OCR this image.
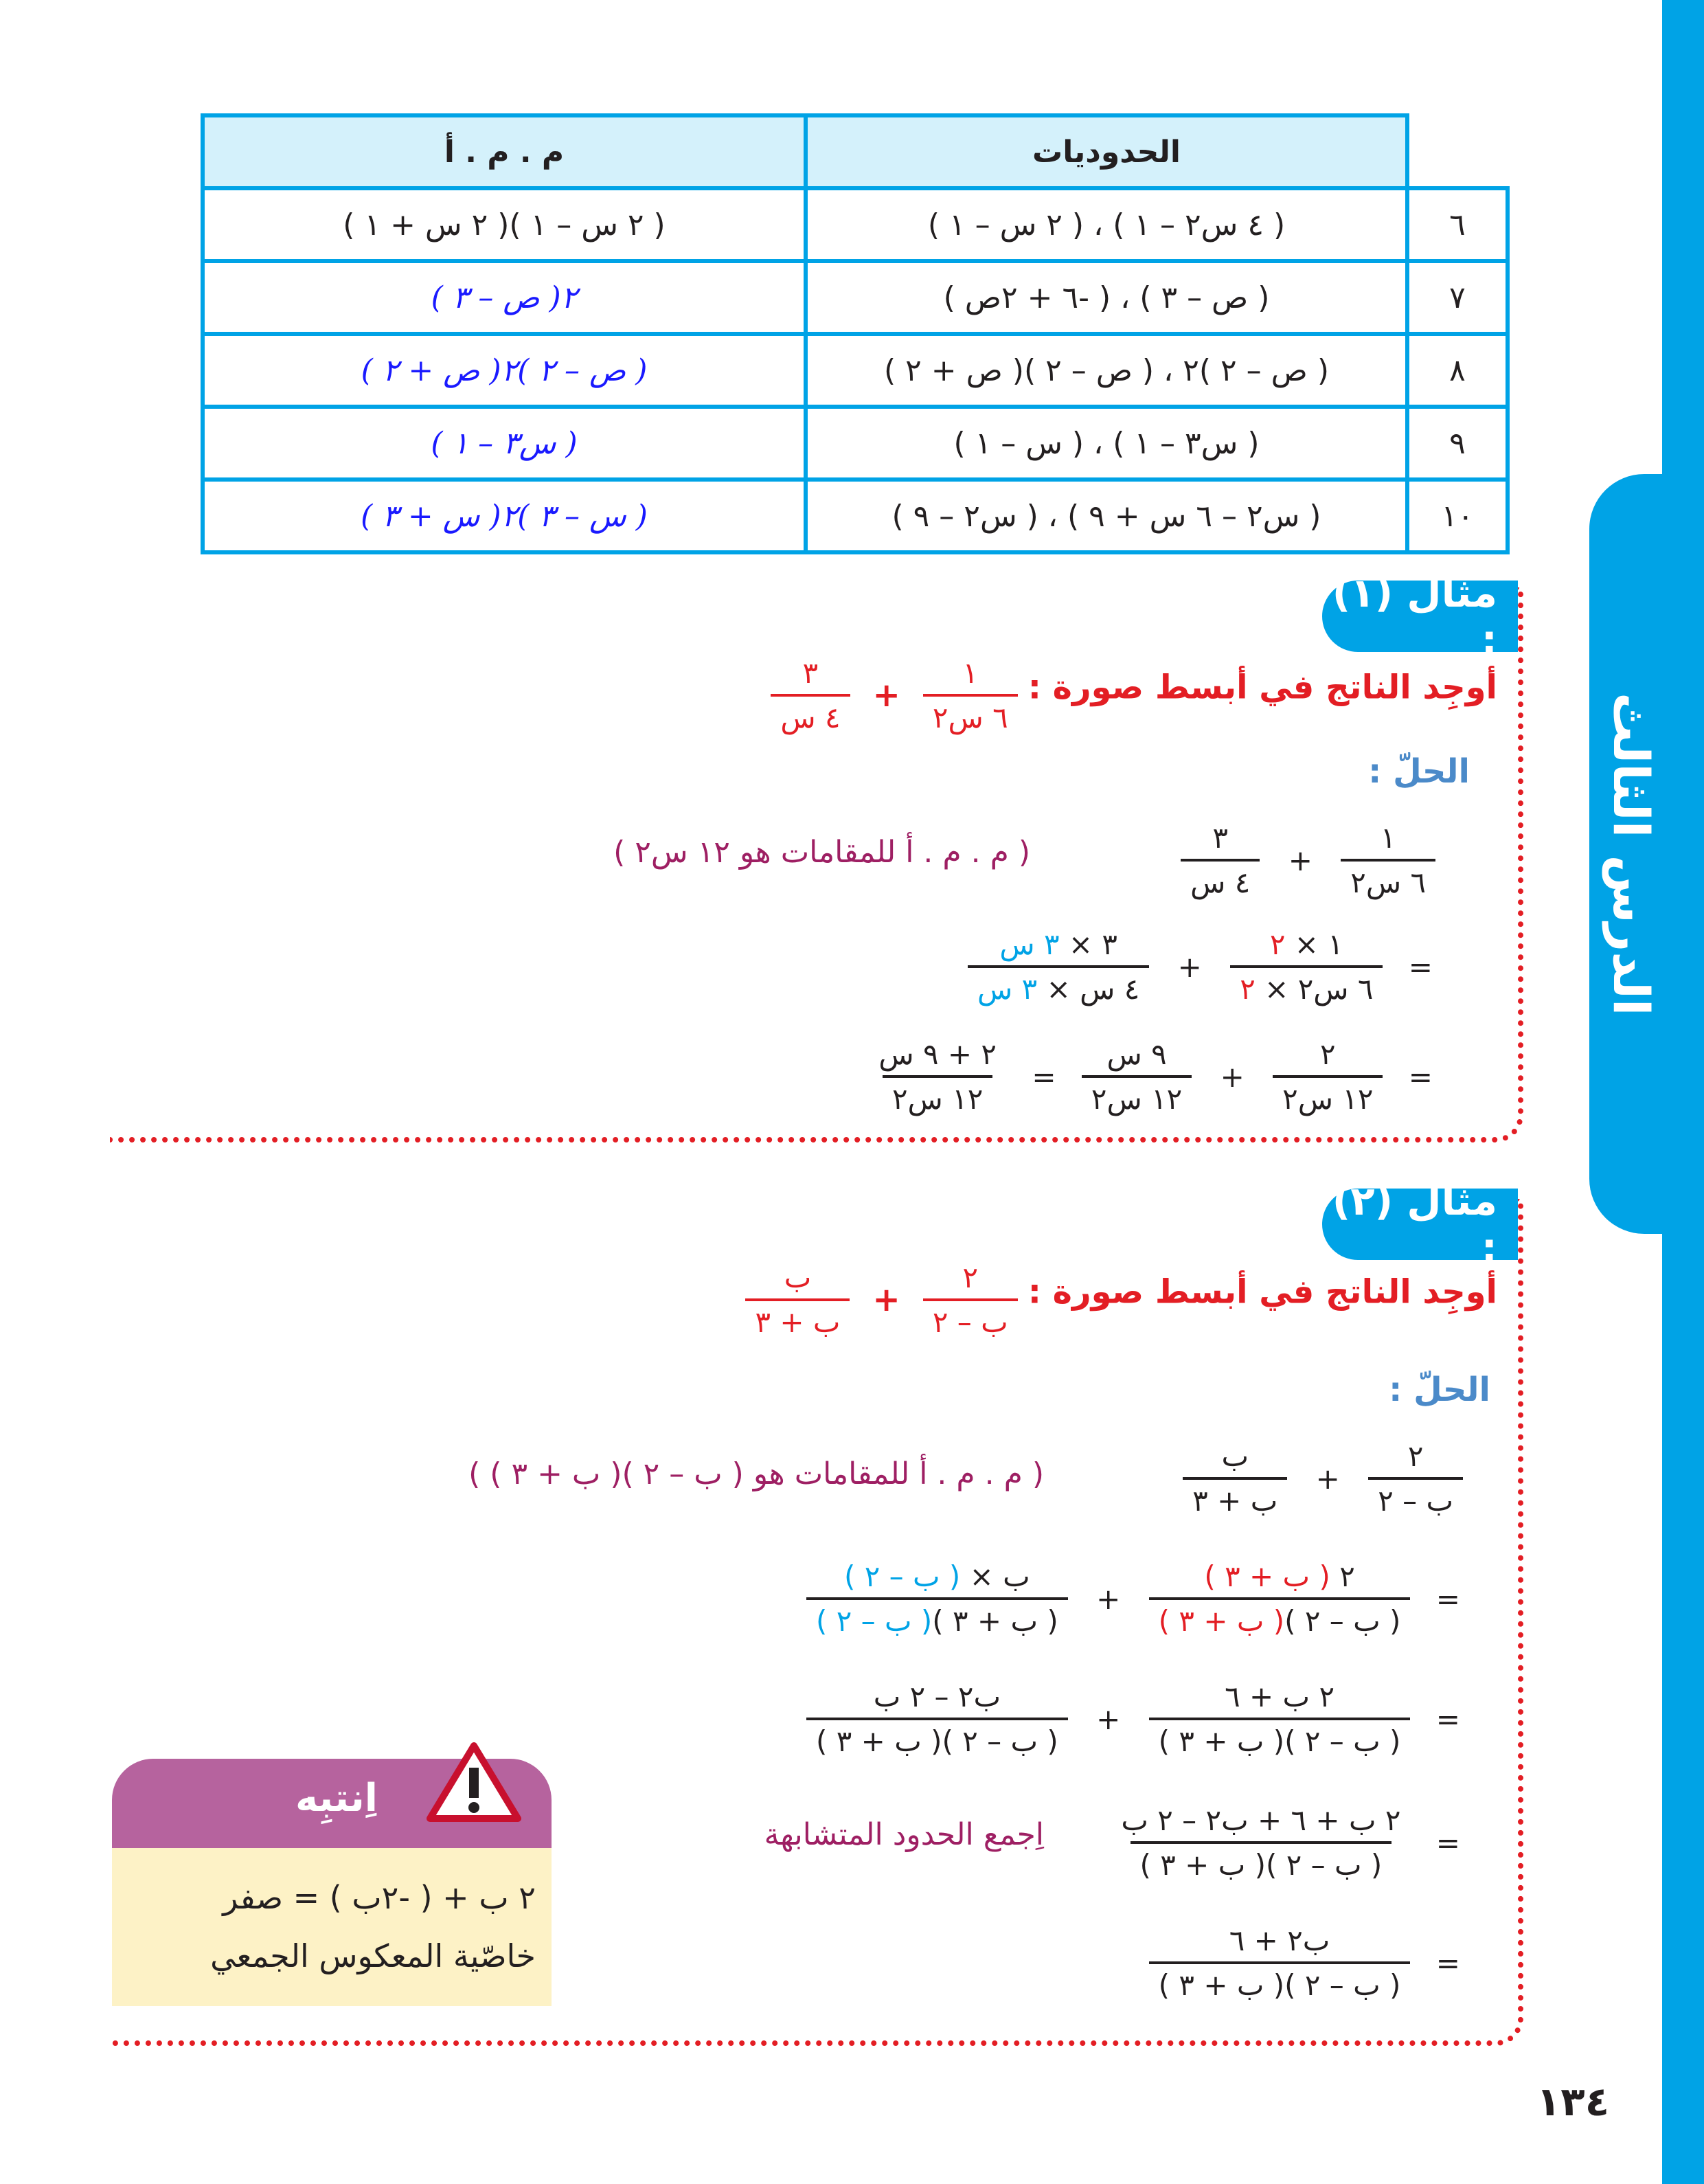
الدرس الثالث
	الحدوديات	م . م . أ
٦	( ٤ س٢ – ١ ) ، ( ٢ س – ١ )	( ٢ س – ١ )( ٢ س + ١ )
٧	( ص – ٣ ) ، ( -٦ + ٢ص )	٢( ص – ٣ )
٨	( ص – ٢ )٢ ، ( ص – ٢ )( ص + ٢ )	( ص – ٢ )٢( ص + ٢ )
٩	( س٣ – ١ ) ، ( س – ١ )	( س٣ – ١ )
١٠	( س٢ – ٦ س + ٩ ) ، ( س٢ – ٩ )	( س – ٣ )٢( س + ٣ )
مثال (١) :
أوجِد الناتج في أبسط صورة :
$\frac{١}{\text{٦ س٢}}$
+
$\frac{٣}{\text{٤ س}}$
الحلّ :
( م . م . أ للمقامات هو ١٢ س٢ )	$\frac{١}{\text{٦ س٢}}$
+
$\frac{٣}{\text{٤ س}}$
=
$\frac{١ \times ٢}{\text{٦ س٢ × ٢}}$
+
$\frac{\text{٣ × ٣ س}}{\text{٤ س × ٣ س}}$
=
$\frac{٢}{\text{١٢ س٢}}$
+
$\frac{\text{٩ س}}{\text{١٢ س٢}}$
=
$\frac{\text{٢ + ٩ س}}{\text{١٢ س٢}}$
مثال (٢) :
أوجِد الناتج في أبسط صورة :
$\frac{٢}{\text{ب – ٢}}$
+
$\frac{\text{ب}}{\text{ب + ٣}}$
الحلّ :
( م . م . أ للمقامات هو ( ب – ٢ )( ب + ٣ ) )	$\frac{٢}{\text{ب – ٢}}$
+
$\frac{\text{ب}}{\text{ب + ٣}}$
=
$\frac{\text{٢ ( ب + ٣ )}}{\text{( ب – ٢ )( ب + ٣ )}}$
+
$\frac{\text{ب × ( ب – ٢ )}}{\text{( ب + ٣ )( ب – ٢ )}}$
=
$\frac{\text{٢ ب + ٦}}{\text{( ب – ٢ )( ب + ٣ )}}$
+
$\frac{\text{ب٢ – ٢ ب}}{\text{( ب – ٢ )( ب + ٣ )}}$
=
$\frac{\text{٢ ب + ٦ + ب٢ – ٢ ب}}{\text{( ب – ٢ )( ب + ٣ )}}$
اِجمع الحدود المتشابهة
=
$\frac{\text{ب٢ + ٦}}{\text{( ب – ٢ )( ب + ٣ )}}$
اِنتبِه
٢ ب + ( -٢ب ) = صفر
خاصّية المعكوس الجمعي
١٣٤
